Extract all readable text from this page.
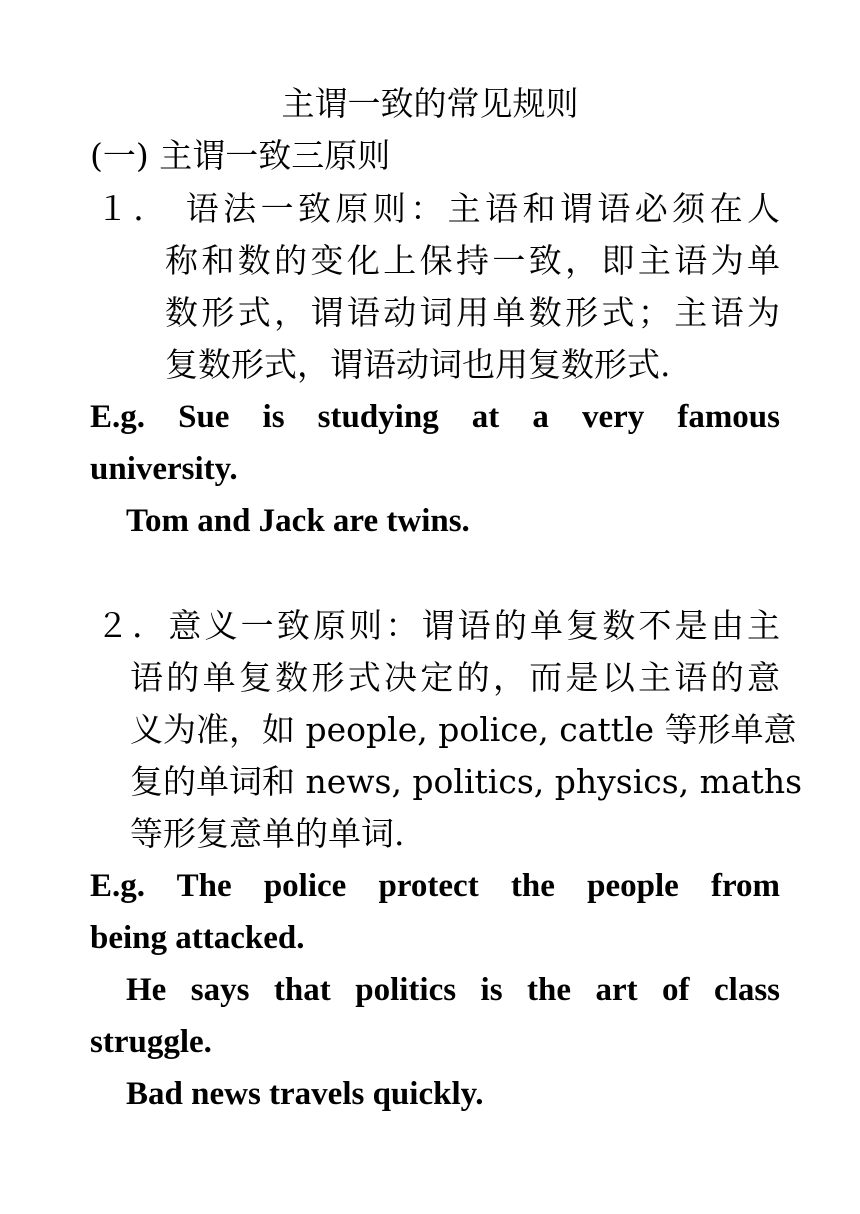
主谓一致的常见规则
(一) 主谓一致三原则
１． 语法一致原则：主语和谓语必须在人
称和数的变化上保持一致，即主语为单
数形式，谓语动词用单数形式；主语为
复数形式，谓语动词也用复数形式.
E.g. Sue is studying at a very famous
university.
Tom and Jack are twins.
２．意义一致原则：谓语的单复数不是由主
语的单复数形式决定的，而是以主语的意
义为准，如 people, police, cattle 等形单意
复的单词和 news, politics, physics, maths
等形复意单的单词.
E.g. The police protect the people from
being attacked.
He says that politics is the art of class
struggle.
Bad news travels quickly.
